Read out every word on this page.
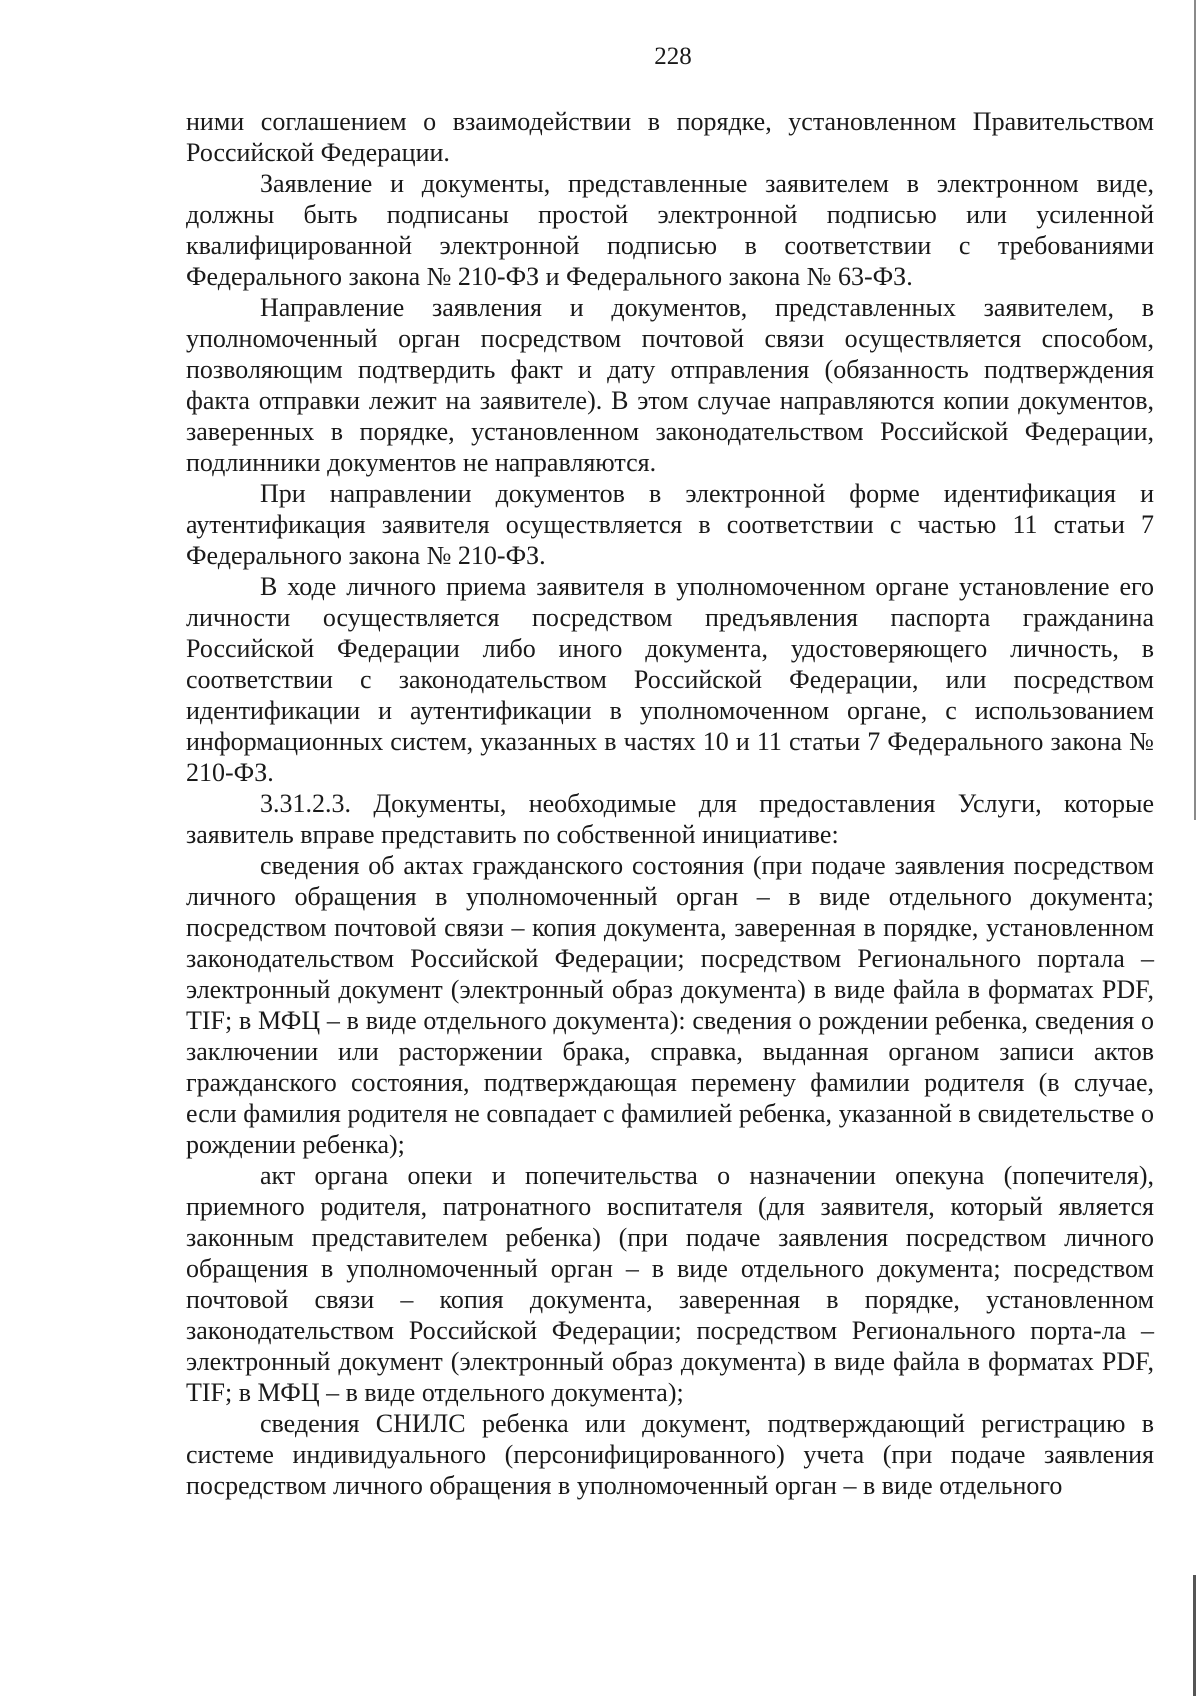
228

ними соглашением о взаимодействии в порядке, установленном Правительством Российской Федерации.

Заявление и документы, представленные заявителем в электронном виде, должны быть подписаны простой электронной подписью или усиленной квалифицированной электронной подписью в соответствии с требованиями Федерального закона № 210-ФЗ и Федерального закона № 63-ФЗ.

Направление заявления и документов, представленных заявителем, в уполномоченный орган посредством почтовой связи осуществляется способом, позволяющим подтвердить факт и дату отправления (обязанность подтверждения факта отправки лежит на заявителе). В этом случае направляются копии документов, заверенных в порядке, установленном законодательством Российской Федерации, подлинники документов не направляются.

При направлении документов в электронной форме идентификация и аутентификация заявителя осуществляется в соответствии с частью 11 статьи 7 Федерального закона № 210-ФЗ.

В ходе личного приема заявителя в уполномоченном органе установление его личности осуществляется посредством предъявления паспорта гражданина Российской Федерации либо иного документа, удостоверяющего личность, в соответствии с законодательством Российской Федерации, или посредством идентификации и аутентификации в уполномоченном органе, с использованием информационных систем, указанных в частях 10 и 11 статьи 7 Федерального закона № 210-ФЗ.

3.31.2.3. Документы, необходимые для предоставления Услуги, которые заявитель вправе представить по собственной инициативе:

сведения об актах гражданского состояния (при подаче заявления посредством личного обращения в уполномоченный орган – в виде отдельного документа; посредством почтовой связи – копия документа, заверенная в порядке, установленном законодательством Российской Федерации; посредством Регионального портала – электронный документ (электронный образ документа) в виде файла в форматах PDF, TIF; в МФЦ – в виде отдельного документа): сведения о рождении ребенка, сведения о заключении или расторжении брака, справка, выданная органом записи актов гражданского состояния, подтверждающая перемену фамилии родителя (в случае, если фамилия родителя не совпадает с фамилией ребенка, указанной в свидетельстве о рождении ребенка);

акт органа опеки и попечительства о назначении опекуна (попечителя), приемного родителя, патронатного воспитателя (для заявителя, который является законным представителем ребенка) (при подаче заявления посредством личного обращения в уполномоченный орган – в виде отдельного документа; посредством почтовой связи – копия документа, заверенная в порядке, установленном законодательством Российской Федерации; посредством Регионального порта-ла – электронный документ (электронный образ документа) в виде файла в форматах PDF, TIF; в МФЦ – в виде отдельного документа);

сведения СНИЛС ребенка или документ, подтверждающий регистрацию в системе индивидуального (персонифицированного) учета (при подаче заявления посредством личного обращения в уполномоченный орган – в виде отдельного
